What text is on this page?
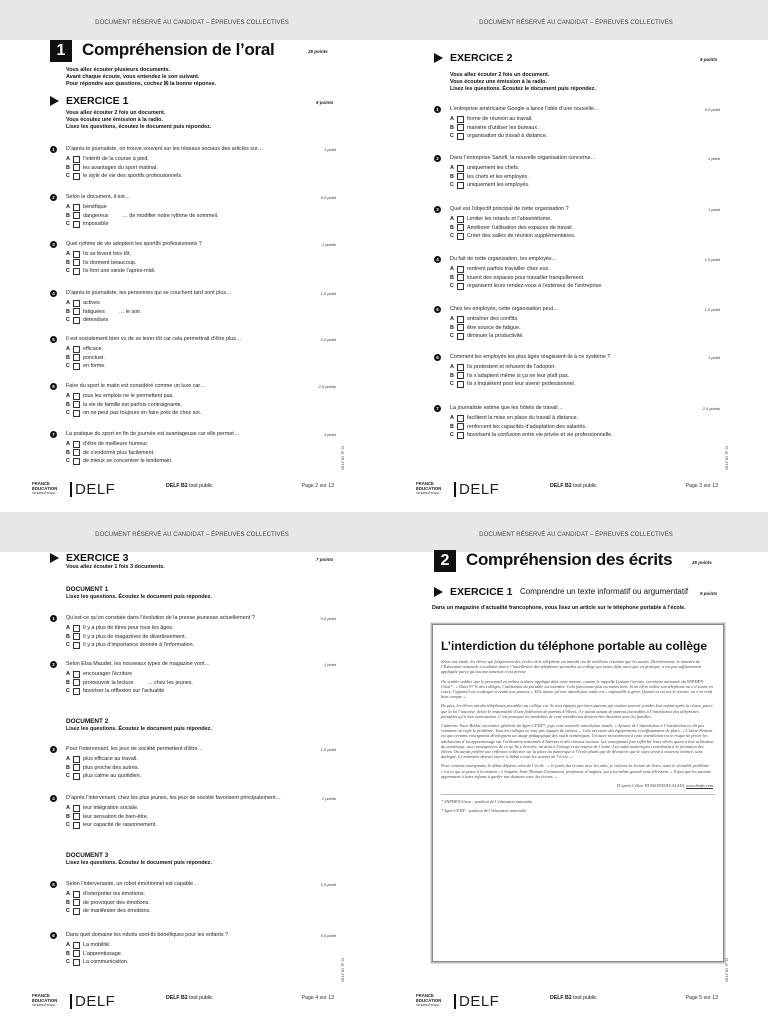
DOCUMENT RÉSERVÉ AU CANDIDAT – ÉPREUVES COLLECTIVES
1 Compréhension de l’oral	25 points
Vous allez écouter plusieurs documents.
Avant chaque écoute, vous entendez le son suivant.
Pour répondre aux questions, cochez ☒ la bonne réponse.
EXERCICE 1	9 points
Vous allez écouter 2 fois un document.
Vous écoutez une émission à la radio.
Lisez les questions, écoutez le document puis répondez.
1	D’après le journaliste, on trouve souvent sur les réseaux sociaux des articles sur…	1 point
A	l’intérêt de la course à pied.
B	les avantages du sport matinal.
C	le style de vie des sportifs professionnels.
2	Selon le document, il est…	0,5 point
A	bénéfique
B	dangereux	… de modifier notre rythme de sommeil.
C	impossible
3	Quel rythme de vie adoptent les sportifs professionnels ?	2 points
A	Ils se lèvent très tôt.
B	Ils dorment beaucoup.
C	Ils font une sieste l’après-midi.
4	D’après le journaliste, les personnes qui se couchent tard sont plus…	1,5 point
A	actives
B	fatiguées	… le soir.
C	détendues
5	Il est socialement bien vu de se lever tôt car cela permettrait d’être plus…	0,5 point
A	efficace.
B	ponctuel.
C	en forme.
6	Faire du sport le matin est considéré comme un luxe car…	2,5 points
A	tous les emplois ne le permettent pas.
B	la vie de famille est parfois contraignante.
C	on ne peut pas toujours en faire près de chez soi.
7	La pratique du sport en fin de journée est avantageuse car elle permet…	1 point
A	d’être de meilleure humeur.
B	de s’endormir plus facilement.
C	de mieux se concentrer le lendemain.	DELF B2 TP 22
FRANCE
ÉDUCATION
INTERNATIONAL DELF	DELF B2 tout public	Page 2 sur 13
DOCUMENT RÉSERVÉ AU CANDIDAT – ÉPREUVES COLLECTIVES
EXERCICE 2	9 points
Vous allez écouter 2 fois un document.
Vous écoutez une émission à la radio.
Lisez les questions. Écoutez le document puis répondez.
1	L’entreprise américaine Google a lancé l’idée d’une nouvelle…	0,5 point
A	forme de réunion au travail.
B	manière d’utiliser les bureaux.
C	organisation du travail à distance.
2	Dans l’entreprise Sanofi, la nouvelle organisation concerne…	1 point
A	uniquement les chefs.
B	les chefs et les employés.
C	uniquement les employés.
3	Quel est l’objectif principal de cette organisation ?	1 point
A	Limiter les retards et l’absentéisme.
B	Améliorer l’utilisation des espaces de travail.
C	Créer des salles de réunion supplémentaires.
4	Du fait de cette organisation, les employés…	1,5 point
A	rentrent parfois travailler chez eux.
B	louent des espaces pour travailler tranquillement.
C	organisent leurs rendez-vous à l’extérieur de l’entreprise.
5	Chez les employés, cette organisation peut…	1,5 point
A	entraîner des conflits.
B	être source de fatigue.
C	diminuer la productivité.
6	Comment les employés les plus âgés réagissent-ils à ce système ?	1 point
A	Ils protestent et refusent de l’adopter.
B	Ils s’adaptent même si ça ne leur plaît pas.
C	Ils s’inquiètent pour leur avenir professionnel.
7	La journaliste estime que les hôtels de travail…	2,5 points
A	facilitent la mise en place du travail à distance.
B	renforcent les capacités d’adaptation des salariés.
C	favorisent la confusion entre vie privée et vie professionnelle.
DELF B2 TP 22
FRANCE
ÉDUCATION
INTERNATIONAL DELF	DELF B2 tout public	Page 3 sur 13
DOCUMENT RÉSERVÉ AU CANDIDAT – ÉPREUVES COLLECTIVES
EXERCICE 3	7 points
Vous allez écouter 1 fois 3 documents.
DOCUMENT 1
Lisez les questions. Écoutez le document puis répondez.
1	Qu’est-ce qu’on constate dans l’évolution de la presse jeunesse actuellement ?	0,5 point
A	Il y a plus de titres pour tous les âges.
B	Il y a plus de magazines de divertissement.
C	Il y a plus d’importance donnée à l’information.
2	Selon Elsa Maudet, les nouveaux types de magazine vont…	1 point
A	encourager l’écriture
B	promouvoir la lecture	… chez les jeunes.
C	favoriser la réflexion sur l’actualité
DOCUMENT 2
Lisez les questions. Écoutez le document puis répondez.
3	Pour l’intervenant, les jeux de société permettent d’être…	1,5 point
A	plus efficace au travail.
B	plus proche des autres.
C	plus calme au quotidien.
4	D’après l’intervenant, chez les plus jeunes, les jeux de société favorisent principalement…	2 points
A	leur intégration sociale.
B	leur sensation de bien-être.
C	leur capacité de raisonnement.
DOCUMENT 3
Lisez les questions. Écoutez le document puis répondez.
5	Selon l’intervenante, un robot émotionnel est capable…	1,5 point
A	d’interpréter les émotions.
B	de provoquer des émotions.
C	de manifester des émotions.
6	Dans quel domaine les robots sont-ils bénéfiques pour les enfants ?	0,5 point
A	La mobilité.
B	L’apprentissage.
C	La communication.	DELF B2 TP 22
FRANCE
ÉDUCATION
INTERNATIONAL DELF	DELF B2 tout public	Page 4 sur 13
DOCUMENT RÉSERVÉ AU CANDIDAT – ÉPREUVES COLLECTIVES
2 Compréhension des écrits	25 points
EXERCICE 1 Comprendre un texte informatif ou argumentatif	9 points
Dans un magazine d’actualité francophone, vous lisez un article sur le téléphone portable à l’école.
L’interdiction du téléphone portable au collège

Selon une étude, les élèves qui fréquentent des écoles où le téléphone est interdit ont de meilleurs résultats que les autres. Dernièrement, le ministre de l’Éducation nationale a souhaité durcir l’interdiction des téléphones portables au collège qui existe déjà, mais qui, en pratique, n’est pas suffisamment appliquée parce qu’aucune sanction n’est prévue.

On semble oublier que le personnel en milieu scolaire applique déjà cette mesure, comme le rappelle Lysiane Gervais, secrétaire nationale du SNPDEN-Unsa* : « Dans 97 % des collèges, l’utilisation du portable est interdite. Cela fonctionne plus ou moins bien. Si un élève utilise son téléphone ou s’il sonne en cours, l’appareil est confisqué et rendu aux parents ». Elle ajoute qu’une interdiction totale est « impossible à gérer. Quand on est sur le terrain, on s’en rend bien compte. »

De plus, les élèves ont des téléphones portables au collège car ils sont équipés par leurs parents qui veulent pouvoir joindre leur enfant après la classe, parce que la loi l’autorise. Selon le responsable d’une fédération de parents d’élèves, il y aurait autant de parents favorables à l’interdiction des téléphones portables qu’à leur autorisation. C’est pourquoi les modalités de cette interdiction doivent être discutées avec les familles.

Catherine Nave-Bekhti, secrétaire générale du Sgen-CFDT*, juge cette nouvelle interdiction inutile. « Ajouter de l’interdiction à l’interdiction ne dit pas comment on règle le problème. Tous les collèges ne sont pas équipés de casiers ». Cela nécessite des équipements et suffisamment de place. « L’autre élément est que certains enseignants développent un usage pédagogique des outils numériques. Un autre inconvénient à cette interdiction est le risque de priver les adolescents d’un apprentissage sur l’utilisation raisonnée d’Internet et des réseaux sociaux. Les enseignants font réfléchir leurs élèves quant à leur utilisation du numérique, aux conséquences de ce qu’ils y écrivent, au droit à l’image et au respect de l’autre. Les outils numériques contribuent à la formation des élèves. On aurait préféré une réflexion collective sur la place du numérique à l’école plutôt que de découvrir que le sujet serait à nouveau relancé, sans dialogue. Le ministère devrait ouvrir le débat à tous les acteurs de l’école. »

Pour certains enseignants, le débat dépasse celui de l’école : « Je parle des écrans avec les ados, je valorise la lecture de livres, mais le véritable problème c’est ce qui se passe à la maison » s’inquiète Jean-Thomas Giovannoni, professeur d’anglais, qui a lui-même grandi sans télévision. « Il faut que les parents apprennent à leurs enfants à garder une distance avec les écrans. »

D’après Céline HUSSONNOIS-ALAYA, www.bmftv.com

* SNPDEN-Unsa : syndicat de l’éducation nationale.

* Sgen-CFDT : syndicat de l’éducation nationale.

DELF B2 TP 22
FRANCE
ÉDUCATION
INTERNATIONAL DELF	DELF B2 tout public	Page 5 sur 13
